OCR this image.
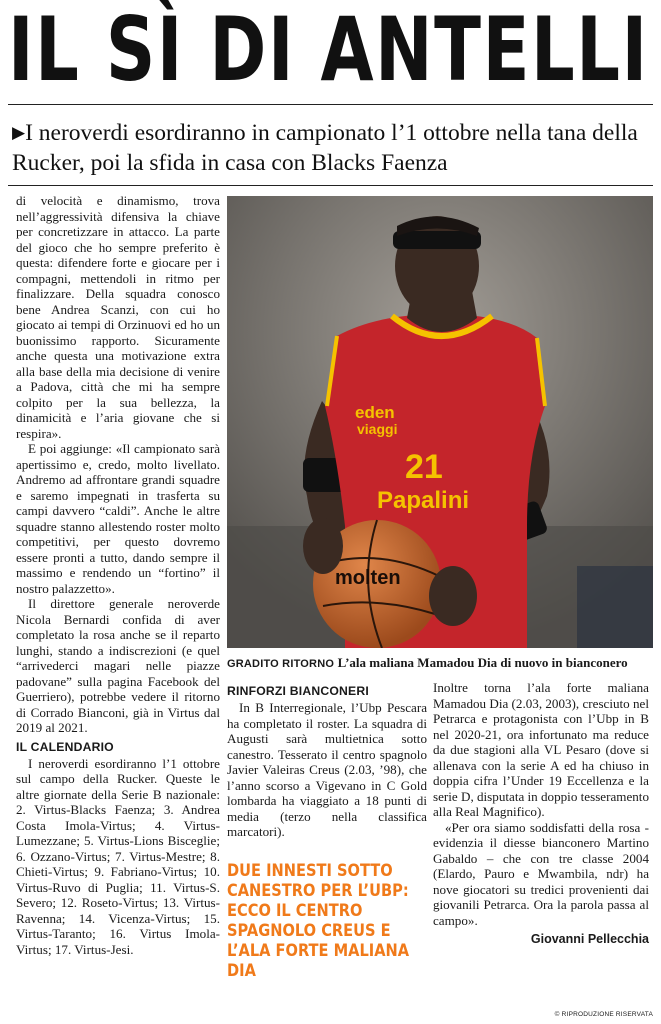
IL SÌ DI ANTELLI
▶I neroverdi esordiranno in campionato l’1 ottobre nella tana della Rucker, poi la sfida in casa con Blacks Faenza

di velocità e dinamismo, trova nell’aggressività difensiva la chiave per concretizzare in attacco. La parte del gioco che ho sempre preferito è questa: difendere forte e giocare per i compagni, mettendoli in ritmo per finalizzare. Della squadra conosco bene Andrea Scanzi, con cui ho giocato ai tempi di Orzinuovi ed ho un buonissimo rapporto. Sicuramente anche questa una motivazione extra alla base della mia decisione di venire a Padova, città che mi ha sempre colpito per la sua bellezza, la dinamicità e l’aria giovane che si respira».

E poi aggiunge: «Il campionato sarà apertissimo e, credo, molto livellato. Andremo ad affrontare grandi squadre e saremo impegnati in trasferta su campi davvero “caldi”. Anche le altre squadre stanno allestendo roster molto competitivi, per questo dovremo essere pronti a tutto, dando sempre il massimo e rendendo un “fortino” il nostro palazzetto».

Il direttore generale neroverde Nicola Bernardi confida di aver completato la rosa anche se il reparto lunghi, stando a indiscrezioni (e quel “arrivederci magari nelle piazze padovane” sulla pagina Facebook del Guerriero), potrebbe vedere il ritorno di Corrado Bianconi, già in Virtus dal 2019 al 2021.

IL CALENDARIO

I neroverdi esordiranno l’1 ottobre sul campo della Rucker. Queste le altre giornate della Serie B nazionale: 2. Virtus-Blacks Faenza; 3. Andrea Costa Imola-Virtus; 4. Virtus-Lumezzane; 5. Virtus-Lions Bisceglie; 6. Ozzano-Virtus; 7. Virtus-Mestre; 8. Chieti-Virtus; 9. Fabriano-Virtus; 10. Virtus-Ruvo di Puglia; 11. Virtus-S. Severo; 12. Roseto-Virtus; 13. Virtus-Ravenna; 14. Vicenza-Virtus; 15. Virtus-Taranto; 16. Virtus Imola-Virtus; 17. Virtus-Jesi.

eden
viaggi
21
Papalini
molten
GRADITO RITORNO L’ala maliana Mamadou Dia di nuovo in bianconero
RINFORZI BIANCONERI

In B Interregionale, l’Ubp Pescara ha completato il roster. La squadra di Augusti sarà multietnica sotto canestro. Tesserato il centro spagnolo Javier Valeiras Creus (2.03, ’98), che l’anno scorso a Vigevano in C Gold lombarda ha viaggiato a 18 punti di media (terzo nella classifica marcatori).

DUE INNESTI SOTTO CANESTRO PER L’UBP: ECCO IL CENTRO SPAGNOLO CREUS E L’ALA FORTE MALIANA DIA

Inoltre torna l’ala forte maliana Mamadou Dia (2.03, 2003), cresciuto nel Petrarca e protagonista con l’Ubp in B nel 2020-21, ora infortunato ma reduce da due stagioni alla VL Pesaro (dove si allenava con la serie A ed ha chiuso in doppia cifra l’Under 19 Eccellenza e la serie D, disputata in doppio tesseramento alla Real Magnifico).

«Per ora siamo soddisfatti della rosa - evidenzia il diesse bianconero Martino Gabaldo – che con tre classe 2004 (Elardo, Pauro e Mwambila, ndr) ha nove giocatori su tredici provenienti dai giovanili Petrarca. Ora la parola passa al campo».

Giovanni Pellecchia
© RIPRODUZIONE RISERVATA
